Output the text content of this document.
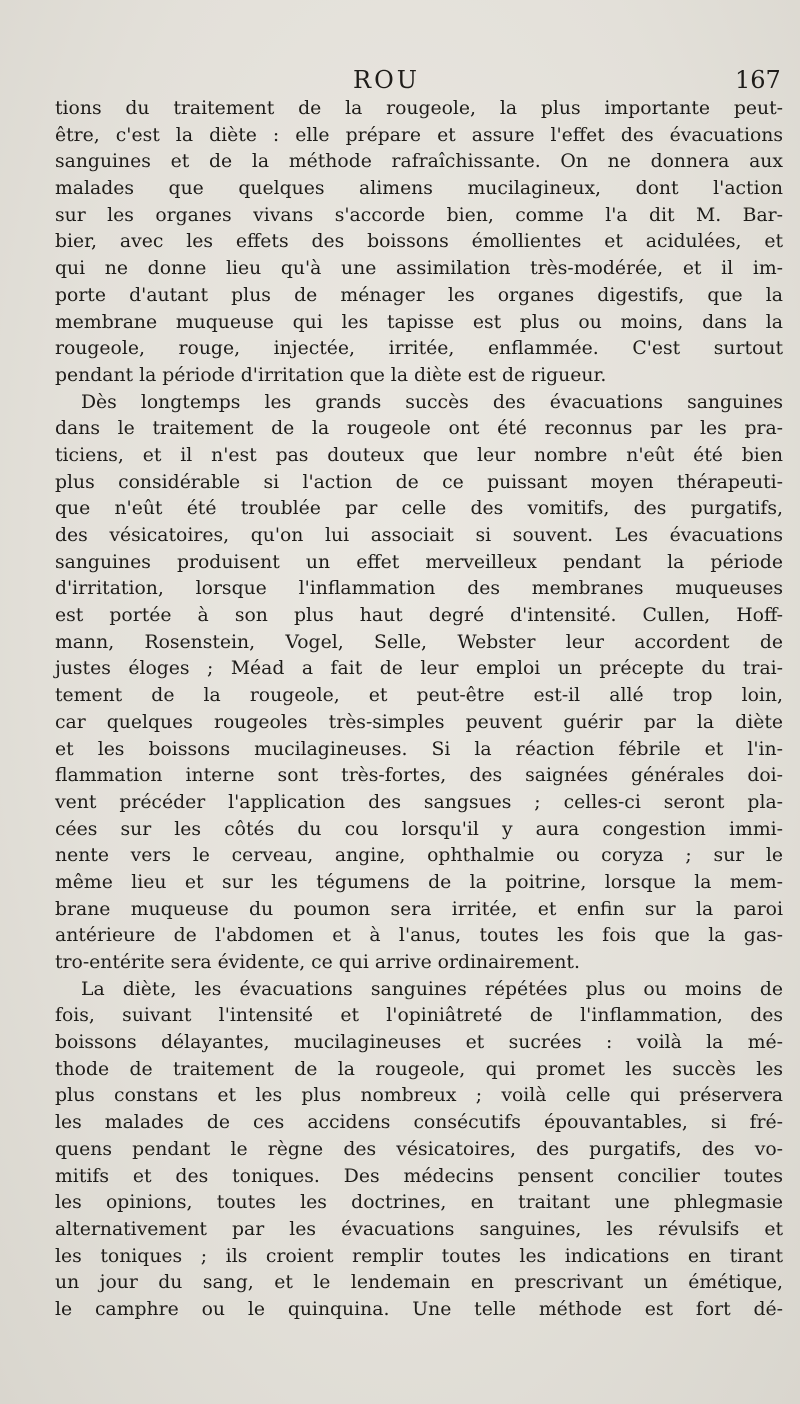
ROU	167
tions du traitement de la rougeole, la plus importante peut-
être, c'est la diète : elle prépare et assure l'effet des évacuations
sanguines et de la méthode rafraîchissante. On ne donnera aux
malades que quelques alimens mucilagineux, dont l'action
sur les organes vivans s'accorde bien, comme l'a dit M. Bar-
bier, avec les effets des boissons émollientes et acidulées, et
qui ne donne lieu qu'à une assimilation très-modérée, et il im-
porte d'autant plus de ménager les organes digestifs, que la
membrane muqueuse qui les tapisse est plus ou moins, dans la
rougeole, rouge, injectée, irritée, enflammée. C'est surtout
pendant la période d'irritation que la diète est de rigueur.
Dès longtemps les grands succès des évacuations sanguines
dans le traitement de la rougeole ont été reconnus par les pra-
ticiens, et il n'est pas douteux que leur nombre n'eût été bien
plus considérable si l'action de ce puissant moyen thérapeuti-
que n'eût été troublée par celle des vomitifs, des purgatifs,
des vésicatoires, qu'on lui associait si souvent. Les évacuations
sanguines produisent un effet merveilleux pendant la période
d'irritation, lorsque l'inflammation des membranes muqueuses
est portée à son plus haut degré d'intensité. Cullen, Hoff-
mann, Rosenstein, Vogel, Selle, Webster leur accordent de
justes éloges ; Méad a fait de leur emploi un précepte du trai-
tement de la rougeole, et peut-être est-il allé trop loin,
car quelques rougeoles très-simples peuvent guérir par la diète
et les boissons mucilagineuses. Si la réaction fébrile et l'in-
flammation interne sont très-fortes, des saignées générales doi-
vent précéder l'application des sangsues ; celles-ci seront pla-
cées sur les côtés du cou lorsqu'il y aura congestion immi-
nente vers le cerveau, angine, ophthalmie ou coryza ; sur le
même lieu et sur les tégumens de la poitrine, lorsque la mem-
brane muqueuse du poumon sera irritée, et enfin sur la paroi
antérieure de l'abdomen et à l'anus, toutes les fois que la gas-
tro-entérite sera évidente, ce qui arrive ordinairement.
La diète, les évacuations sanguines répétées plus ou moins de
fois, suivant l'intensité et l'opiniâtreté de l'inflammation, des
boissons délayantes, mucilagineuses et sucrées : voilà la mé-
thode de traitement de la rougeole, qui promet les succès les
plus constans et les plus nombreux ; voilà celle qui préservera
les malades de ces accidens consécutifs épouvantables, si fré-
quens pendant le règne des vésicatoires, des purgatifs, des vo-
mitifs et des toniques. Des médecins pensent concilier toutes
les opinions, toutes les doctrines, en traitant une phlegmasie
alternativement par les évacuations sanguines, les révulsifs et
les toniques ; ils croient remplir toutes les indications en tirant
un jour du sang, et le lendemain en prescrivant un émétique,
le camphre ou le quinquina. Une telle méthode est fort dé-
